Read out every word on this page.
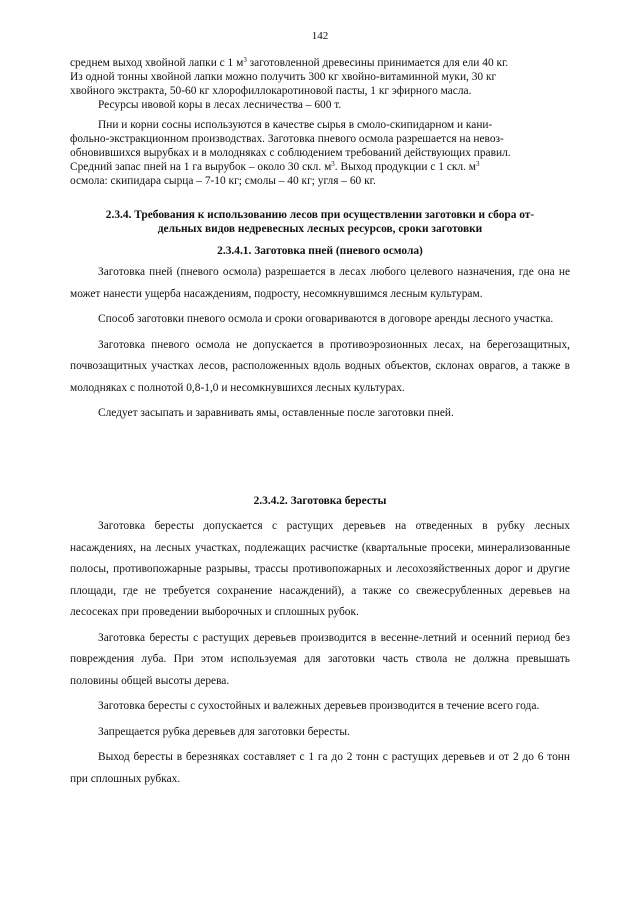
142

среднем выход хвойной лапки с 1 $м^3$ заготовленной древесины принимается для ели 40 кг.
Из одной тонны хвойной лапки можно получить 300 кг хвойно-витаминной муки, 30 кг
хвойного экстракта, 50-60 кг хлорофиллокаротиновой пасты, 1 кг эфирного масла.

Ресурсы ивовой коры в лесах лесничества – 600 т.

Пни и корни сосны используются в качестве сырья в смоло-скипидарном и кани-
фольно-экстракционном производствах. Заготовка пневого осмола разрешается на невоз-
обновившихся вырубках и в молодняках с соблюдением требований действующих правил.
Средний запас пней на 1 га вырубок – около 30 скл. $м^3$. Выход продукции с 1 скл. $м^3$
осмола: скипидара сырца – 7-10 кг; смолы – 40 кг; угля – 60 кг.

2.3.4. Требования к использованию лесов при осуществлении заготовки и сбора от-
дельных видов недревесных лесных ресурсов, сроки заготовки

2.3.4.1. Заготовка пней (пневого осмола)

Заготовка пней (пневого осмола) разрешается в лесах любого целевого назначения, где она не может нанести ущерба насаждениям, подросту, несомкнувшимся лесным культурам.

Способ заготовки пневого осмола и сроки оговариваются в договоре аренды лесного участка.

Заготовка пневого осмола не допускается в противоэрозионных лесах, на берегозащитных, почвозащитных участках лесов, расположенных вдоль водных объектов, склонах оврагов, а также в молодняках с полнотой 0,8-1,0 и несомкнувшихся лесных культурах.

Следует засыпать и заравнивать ямы, оставленные после заготовки пней.

2.3.4.2. Заготовка бересты

Заготовка бересты допускается с растущих деревьев на отведенных в рубку лесных насаждениях, на лесных участках, подлежащих расчистке (квартальные просеки, минерализованные полосы, противопожарные разрывы, трассы противопожарных и лесохозяйственных дорог и другие площади, где не требуется сохранение насаждений), а также со свежесрубленных деревьев на лесосеках при проведении выборочных и сплошных рубок.

Заготовка бересты с растущих деревьев производится в весенне-летний и осенний период без повреждения луба. При этом используемая для заготовки часть ствола не должна превышать половины общей высоты дерева.

Заготовка бересты с сухостойных и валежных деревьев производится в течение всего года.

Запрещается рубка деревьев для заготовки бересты.

Выход бересты в березняках составляет с 1 га до 2 тонн с растущих деревьев и от 2 до 6 тонн при сплошных рубках.
